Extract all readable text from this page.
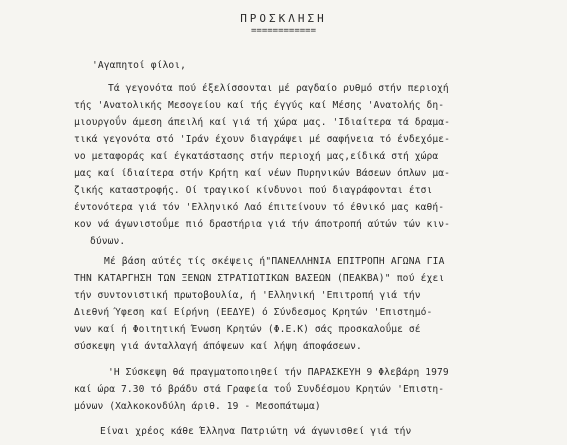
ΠΡΟΣΚΛΗΣΗ
============
'Αγαπητοί φίλοι,
Τά γεγονότα πού έξελίσσονται μέ ραγδαίο ρυθμό στήν περιοχή
τής 'Ανατολικής Μεσογείου καί τής έγγύς καί Μέσης 'Ανατολής δη-
μιουργοΰν άμεση άπειλή καί γιά τή χώρα μας. 'Ιδιαίτερα τά δραμα-
τικά γεγονότα στό 'Ιράν έχουν διαγράψει μέ σαφήνεια τό ένδεχόμε-
νο μεταφοράς καί έγκατάστασης στήν περιοχή μας,είδικά στή χώρα
μας καί ίδιαίτερα στήν Κρήτη καί νέων Πυρηνικών Βάσεων όπλων μα-
ζικής καταστροφής. Οί τραγικοί κίνδυνοι πού διαγράφονται έτσι
έντονότερα γιά τόν 'Ελληνικό Λαό έπιτείνουν τό έθνικό μας καθή-
κον νά άγωνιστοΰμε πιό δραστήρια γιά τήν άποτροπή αύτών τών κιν-
δύνων.
Μέ βάση αύτές τίς σκέψεις ή"ΠΑΝΕΛΛΗΝΙΑ ΕΠΙΤΡΟΠΗ ΑΓΩΝΑ ΓΙΑ
ΤΗΝ ΚΑΤΑΡΓΗΣΗ ΤΩΝ ΞΕΝΩΝ ΣΤΡΑΤΙΩΤΙΚΩΝ ΒΑΣΕΩΝ (ΠΕΑΚΒΑ)" πού έχει
τήν συντονιστική πρωτοβουλία, ή 'Ελληνική 'Επιτροπή γιά τήν
Διεθνή Ύφεση καί Είρήνη (ΕΕΔΥΕ) ό Σύνδεσμος Κρητών 'Επιστημό-
νων καί ή Φοιτητική Ένωση Κρητών (Φ.Ε.Κ) σάς προσκαλοΰμε σέ
σύσκεψη γιά άνταλλαγή άπόψεων καί λήψη άποφάσεων.
'Η Σύσκεψη θά πραγματοποιηθεί τήν ΠΑΡΑΣΚΕΥΗ 9 Φλεβάρη 1979
καί ώρα 7.30 τό βράδυ στά Γραφεία τοΰ Συνδέσμου Κρητών 'Επιστη-
μόνων (Χαλκοκονδύλη άριθ. 19 - Μεσοπάτωμα)
Είναι χρέος κάθε Έλληνα Πατριώτη νά άγωνισθεί γιά τήν
